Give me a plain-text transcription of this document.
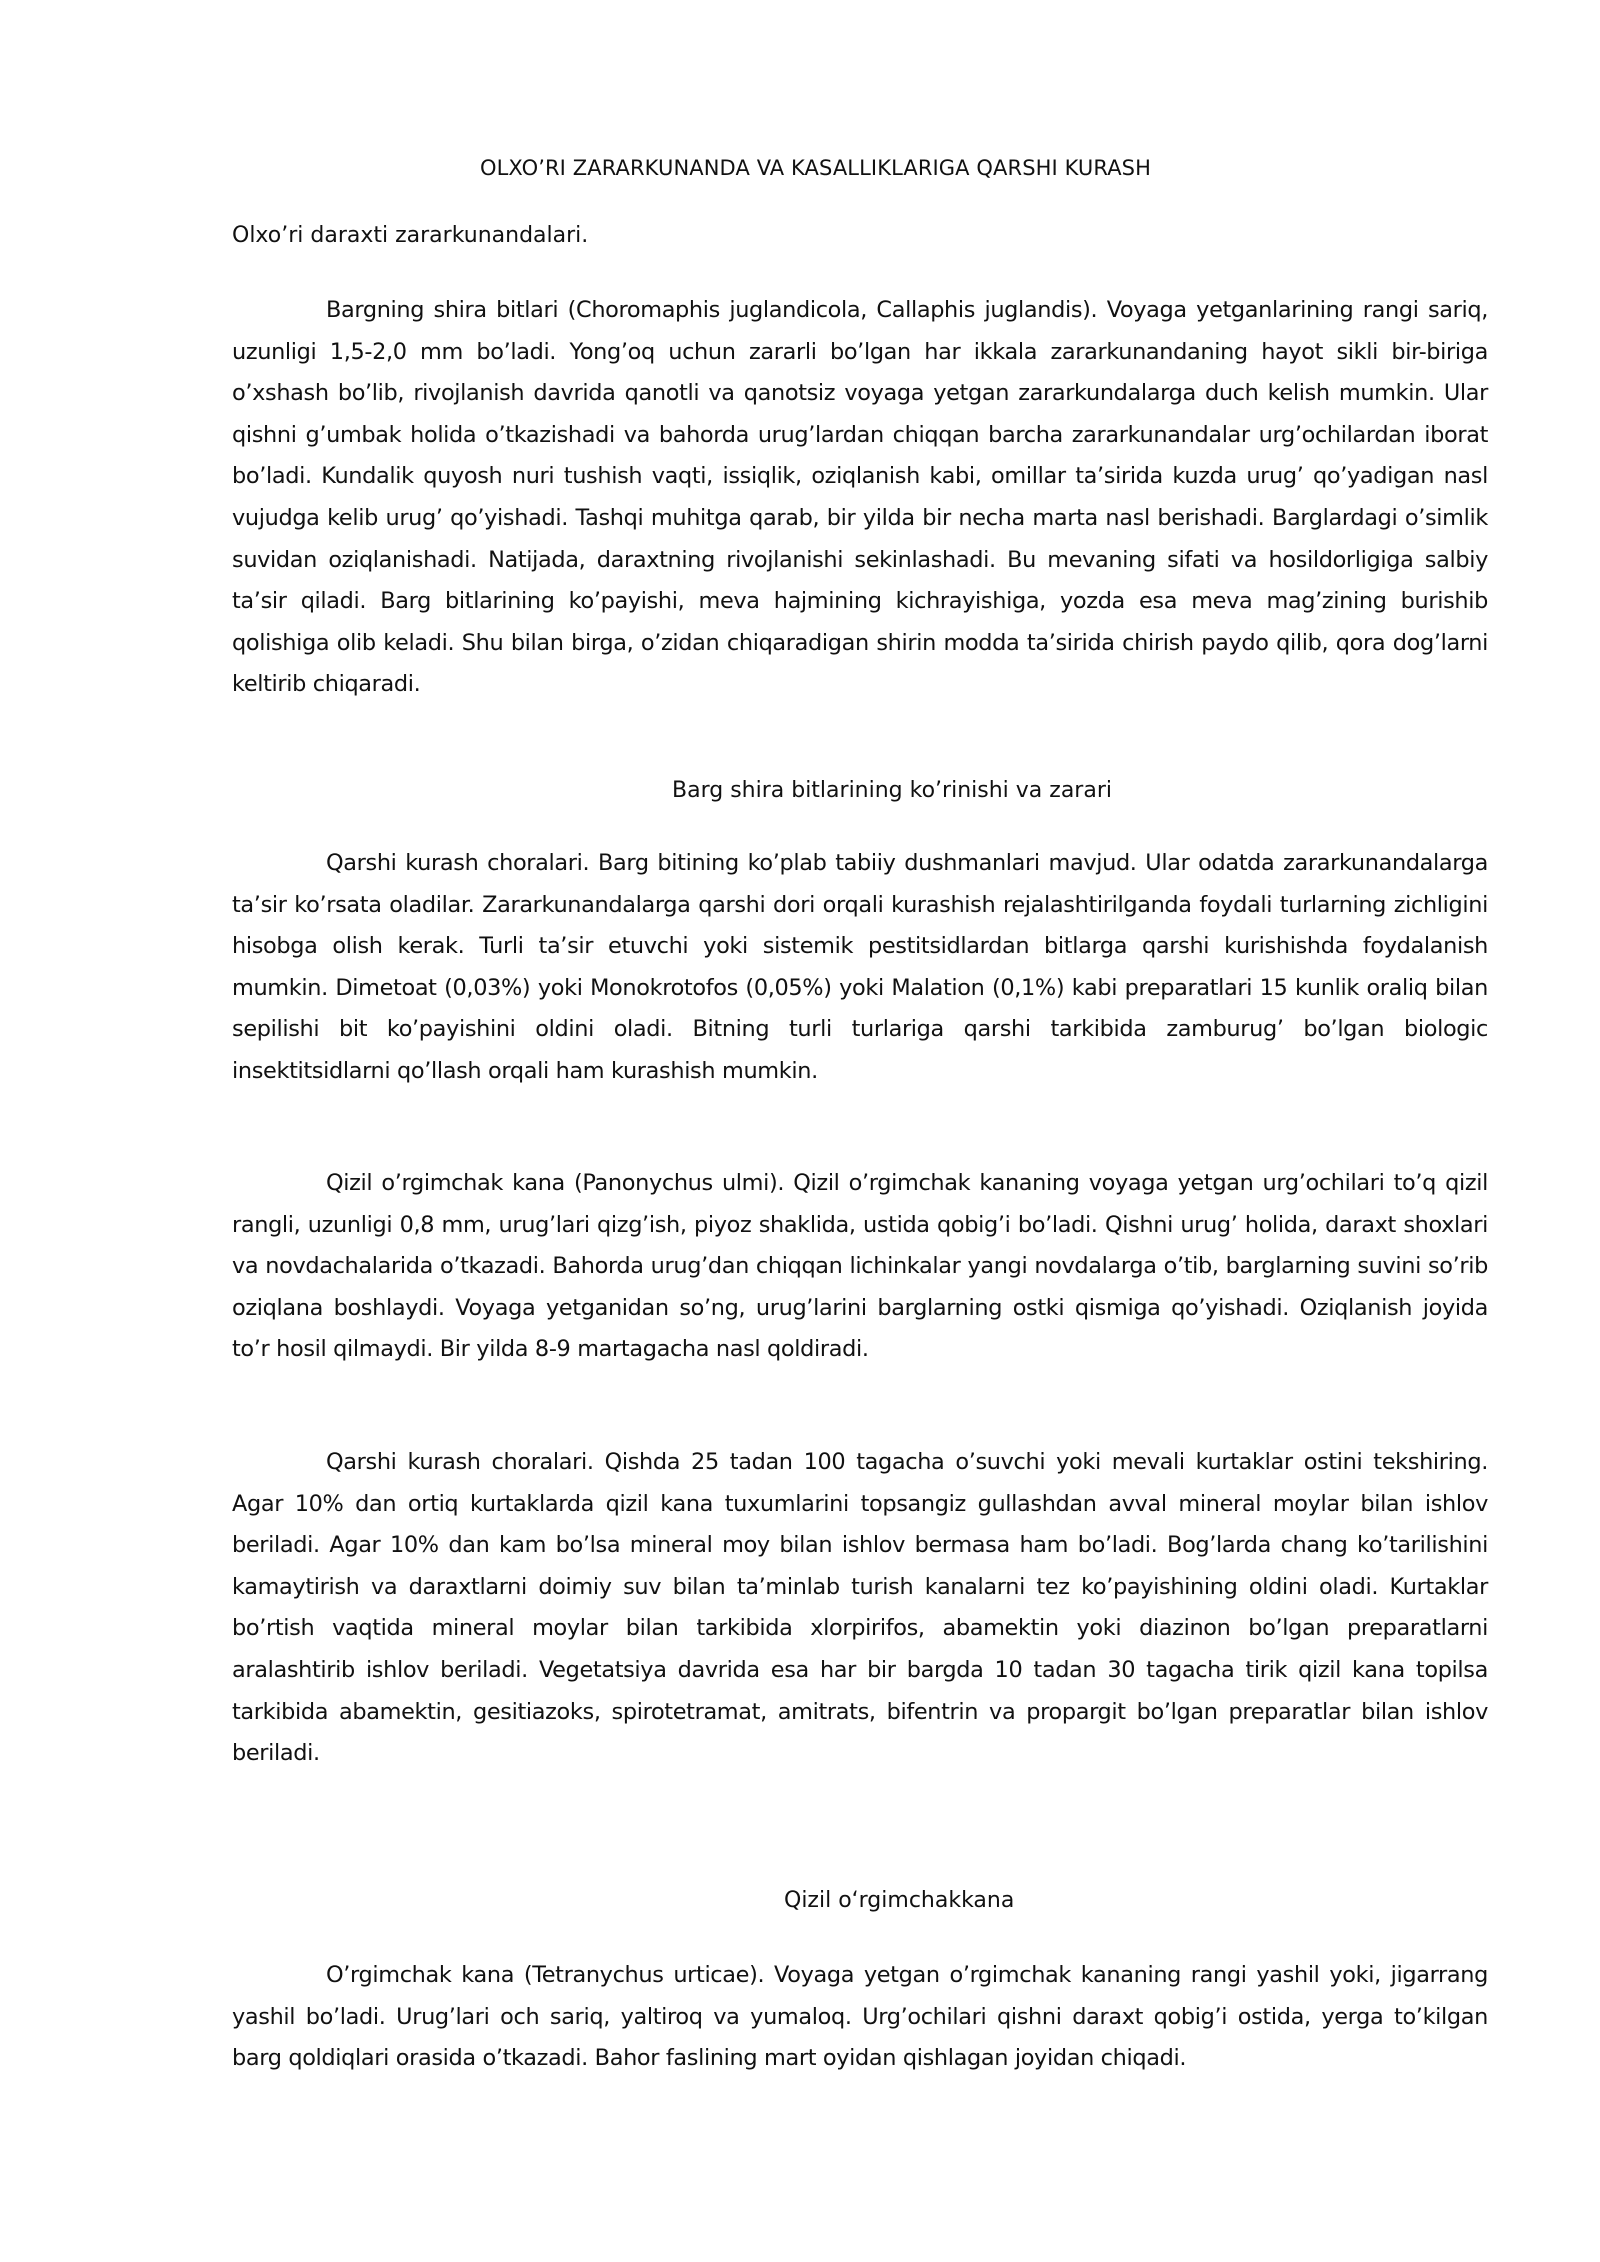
OLXO’RI ZARARKUNANDA VA KASALLIKLARIGA QARSHI KURASH
Olxo’ri daraxti zararkunandalari.

Bargning shira bitlari (Choromaphis juglandicola, Callaphis juglandis). Voyaga yetganlarining rangi sariq, uzunligi 1,5-2,0 mm bo’ladi. Yong’oq uchun zararli bo’lgan har ikkala zararkunandaning hayot sikli bir-biriga o’xshash bo’lib, rivojlanish davrida qanotli va qanotsiz voyaga yetgan zararkundalarga duch kelish mumkin. Ular qishni g’umbak holida o’tkazishadi va bahorda urug’lardan chiqqan barcha zararkunandalar urg’ochilardan iborat bo’ladi. Kundalik quyosh nuri tushish vaqti, issiqlik, oziqlanish kabi, omillar ta’sirida kuzda urug’ qo’yadigan nasl vujudga kelib urug’ qo’yishadi. Tashqi muhitga qarab, bir yilda bir necha marta nasl berishadi. Barglardagi o’simlik suvidan oziqlanishadi. Natijada, daraxtning rivojlanishi sekinlashadi. Bu mevaning sifati va hosildorligiga salbiy ta’sir qiladi. Barg bitlarining ko’payishi, meva hajmining kichrayishiga, yozda esa meva mag’zining burishib qolishiga olib keladi. Shu bilan birga, o’zidan chiqaradigan shirin modda ta’sirida chirish paydo qilib, qora dog’larni keltirib chiqaradi.

Barg shira bitlarining ko’rinishi va zarari

Qarshi kurash choralari. Barg bitining ko’plab tabiiy dushmanlari mavjud. Ular odatda zararkunandalarga ta’sir ko’rsata oladilar. Zararkunandalarga qarshi dori orqali kurashish rejalashtirilganda foydali turlarning zichligini hisobga olish kerak. Turli ta’sir etuvchi yoki sistemik pestitsidlardan bitlarga qarshi kurishishda foydalanish mumkin. Dimetoat (0,03%) yoki Monokrotofos (0,05%) yoki Malation (0,1%) kabi preparatlari 15 kunlik oraliq bilan sepilishi bit ko’payishini oldini oladi. Bitning turli turlariga qarshi tarkibida zamburug’ bo’lgan biologic insektitsidlarni qo’llash orqali ham kurashish mumkin.

Qizil o’rgimchak kana (Panonychus ulmi). Qizil o’rgimchak kananing voyaga yetgan urg’ochilari to’q qizil rangli, uzunligi 0,8 mm, urug’lari qizg’ish, piyoz shaklida, ustida qobig’i bo’ladi. Qishni urug’ holida, daraxt shoxlari va novdachalarida o’tkazadi. Bahorda urug’dan chiqqan lichinkalar yangi novdalarga o’tib, barglarning suvini so’rib oziqlana boshlaydi. Voyaga yetganidan so’ng, urug’larini barglarning ostki qismiga qo’yishadi. Oziqlanish joyida to’r hosil qilmaydi. Bir yilda 8-9 martagacha nasl qoldiradi.

Qarshi kurash choralari. Qishda 25 tadan 100 tagacha o’suvchi yoki mevali kurtaklar ostini tekshiring. Agar 10% dan ortiq kurtaklarda qizil kana tuxumlarini topsangiz gullashdan avval mineral moylar bilan ishlov beriladi. Agar 10% dan kam bo’lsa mineral moy bilan ishlov bermasa ham bo’ladi. Bog’larda chang ko’tarilishini kamaytirish va daraxtlarni doimiy suv bilan ta’minlab turish kanalarni tez ko’payishining oldini oladi. Kurtaklar bo’rtish vaqtida mineral moylar bilan tarkibida xlorpirifos, abamektin yoki diazinon bo’lgan preparatlarni aralashtirib ishlov beriladi. Vegetatsiya davrida esa har bir bargda 10 tadan 30 tagacha tirik qizil kana topilsa tarkibida abamektin, gesitiazoks, spirotetramat, amitrats, bifentrin va propargit bo’lgan preparatlar bilan ishlov beriladi.

Qizil o‘rgimchakkana

O’rgimchak kana (Tetranychus urticae). Voyaga yetgan o’rgimchak kananing rangi yashil yoki, jigarrang yashil bo’ladi. Urug’lari och sariq, yaltiroq va yumaloq. Urg’ochilari qishni daraxt qobig’i ostida, yerga to’kilgan barg qoldiqlari orasida o’tkazadi. Bahor faslining mart oyidan qishlagan joyidan chiqadi.
